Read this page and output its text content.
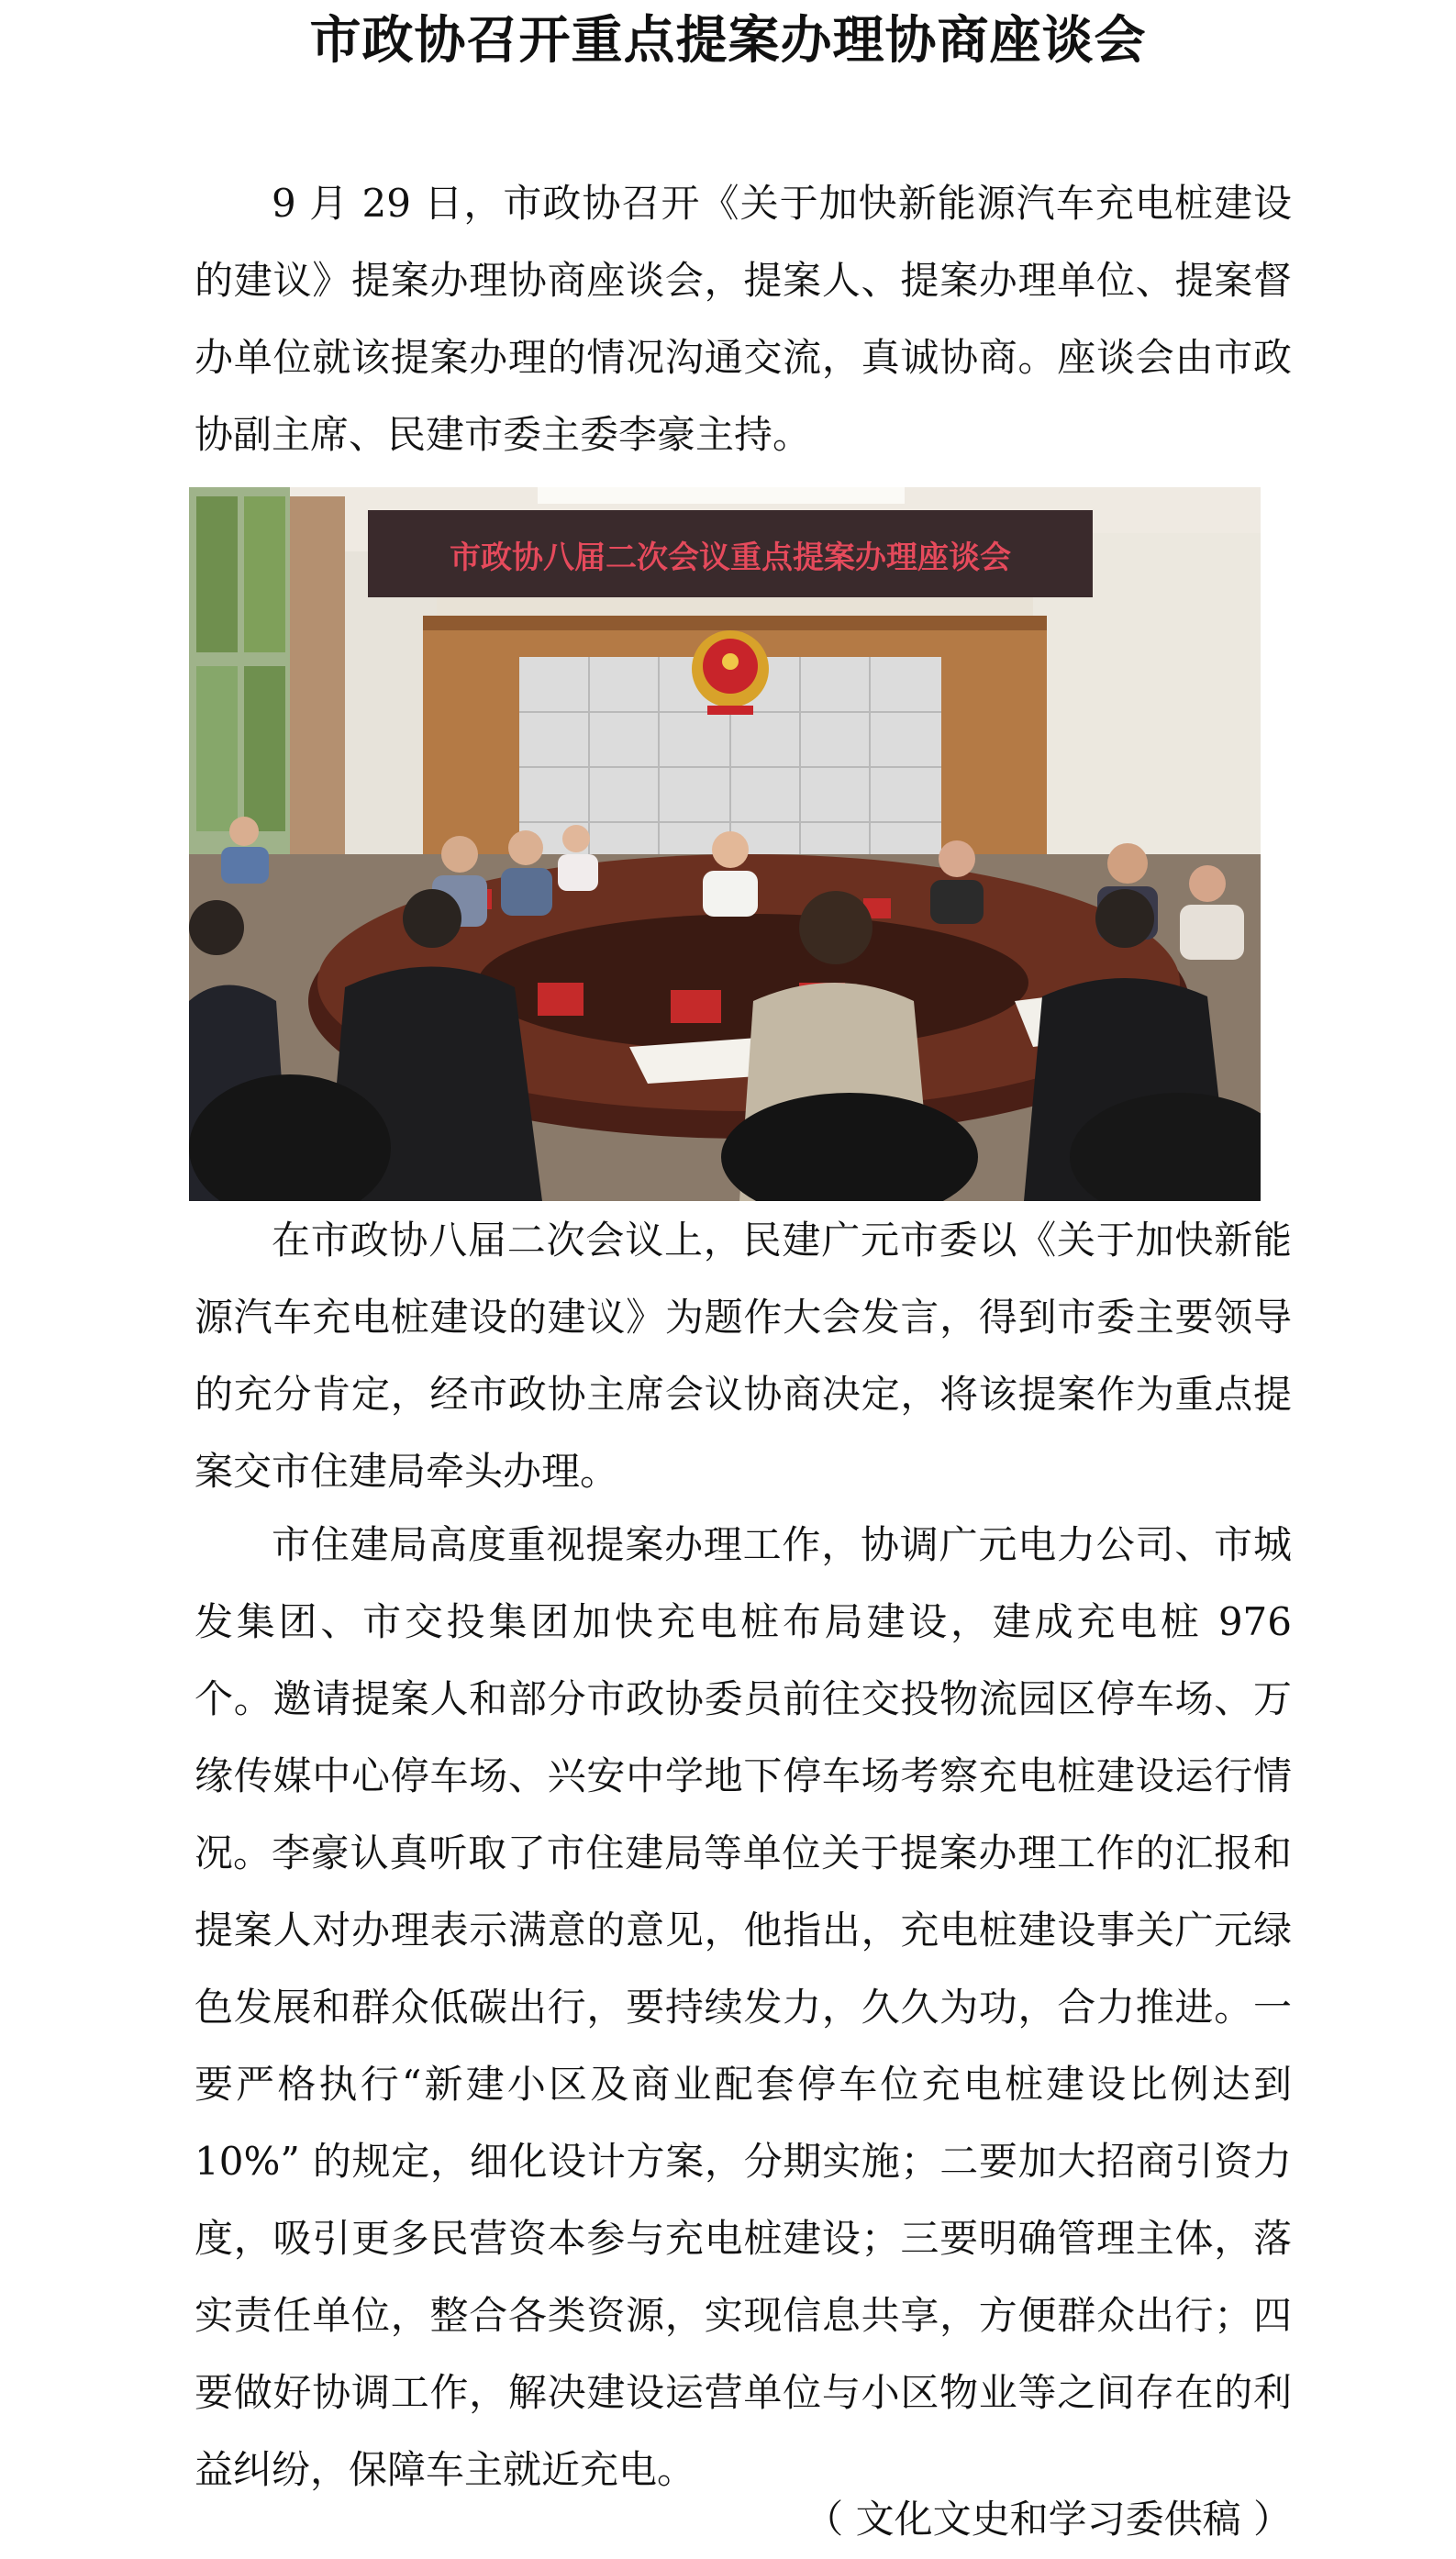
市政协召开重点提案办理协商座谈会

9 月 29 日，市政协召开《关于加快新能源汽车充电桩建设的建议》提案办理协商座谈会，提案人、提案办理单位、提案督办单位就该提案办理的情况沟通交流，真诚协商。座谈会由市政协副主席、民建市委主委李豪主持。

市政协八届二次会议重点提案办理座谈会

在市政协八届二次会议上，民建广元市委以《关于加快新能源汽车充电桩建设的建议》为题作大会发言，得到市委主要领导的充分肯定，经市政协主席会议协商决定，将该提案作为重点提案交市住建局牵头办理。

市住建局高度重视提案办理工作，协调广元电力公司、市城发集团、市交投集团加快充电桩布局建设，建成充电桩 976 个。邀请提案人和部分市政协委员前往交投物流园区停车场、万缘传媒中心停车场、兴安中学地下停车场考察充电桩建设运行情况。 李豪认真听取了市住建局等单位关于提案办理工作的汇报和提案人对办理表示满意的意见，他指出，充电桩建设事关广元绿色发展和群众低碳出行，要持续发力，久久为功，合力推进。一要严格执行“新建小区及商业配套停车位充电桩建设比例达到 10%” 的规定，细化设计方案，分期实施；二要加大招商引资力度，吸引更多民营资本参与充电桩建设；三要明确管理主体，落实责任单位，整合各类资源，实现信息共享，方便群众出行；四要做好协调工作，解决建设运营单位与小区物业等之间存在的利益纠纷，保障车主就近充电。

（ 文化文史和学习委供稿 ）
